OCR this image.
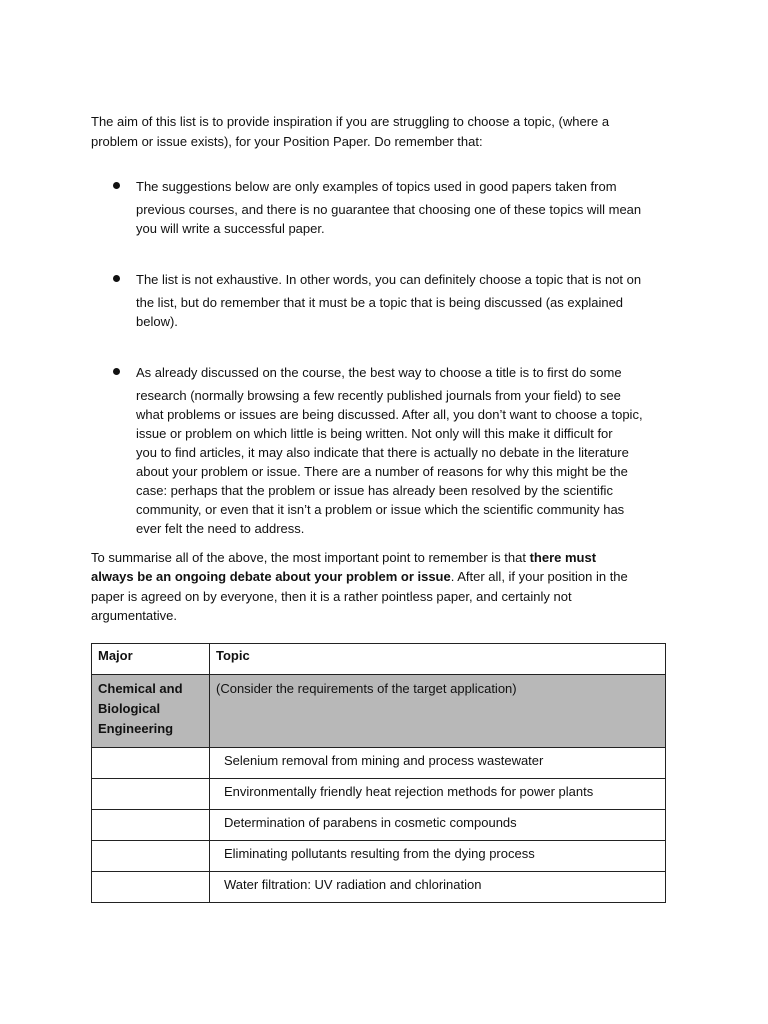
The aim of this list is to provide inspiration if you are struggling to choose a topic, (where a
problem or issue exists), for your Position Paper. Do remember that:

The suggestions below are only examples of topics used in good papers taken from
previous courses, and there is no guarantee that choosing one of these topics will mean
you will write a successful paper.
The list is not exhaustive. In other words, you can definitely choose a topic that is not on
the list, but do remember that it must be a topic that is being discussed (as explained
below).
As already discussed on the course, the best way to choose a title is to first do some
research (normally browsing a few recently published journals from your field) to see
what problems or issues are being discussed. After all, you don’t want to choose a topic,
issue or problem on which little is being written. Not only will this make it difficult for
you to find articles, it may also indicate that there is actually no debate in the literature
about your problem or issue. There are a number of reasons for why this might be the
case: perhaps that the problem or issue has already been resolved by the scientific
community, or even that it isn’t a problem or issue which the scientific community has
ever felt the need to address.

To summarise all of the above, the most important point to remember is that there must
always be an ongoing debate about your problem or issue. After all, if your position in the
paper is agreed on by everyone, then it is a rather pointless paper, and certainly not
argumentative.

Major	Topic

Chemical and
Biological
Engineering	(Consider the requirements of the target application)

	Selenium removal from mining and process wastewater

	Environmentally friendly heat rejection methods for power plants

	Determination of parabens in cosmetic compounds

	Eliminating pollutants resulting from the dying process

	Water filtration: UV radiation and chlorination
